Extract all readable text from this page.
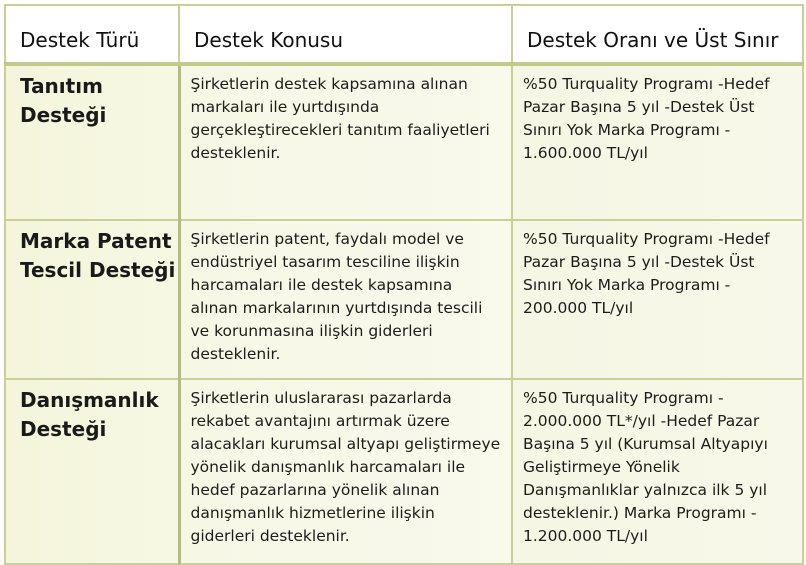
Destek Türü	Destek Konusu	Destek Oranı ve Üst Sınır
Tanıtım Desteği	Şirketlerin destek kapsamına alınan markaları ile yurtdışında gerçekleştirecekleri tanıtım faaliyetleri desteklenir.	%50 Turquality Programı -Hedef Pazar Başına 5 yıl -Destek Üst Sınırı Yok Marka Programı - 1.600.000 TL/yıl
Marka Patent Tescil Desteği	Şirketlerin patent, faydalı model ve endüstriyel tasarım tesciline ilişkin harcamaları ile destek kapsamına alınan markalarının yurtdışında tescili ve korunmasına ilişkin giderleri desteklenir.	%50 Turquality Programı -Hedef Pazar Başına 5 yıl -Destek Üst Sınırı Yok Marka Programı - 200.000 TL/yıl
Danışmanlık Desteği	Şirketlerin uluslararası pazarlarda rekabet avantajını artırmak üzere alacakları kurumsal altyapı geliştirmeye yönelik danışmanlık harcamaları ile hedef pazarlarına yönelik alınan danışmanlık hizmetlerine ilişkin giderleri desteklenir.	%50 Turquality Programı - 2.000.000 TL*/yıl -Hedef Pazar Başına 5 yıl (Kurumsal Altyapıyı Geliştirmeye Yönelik Danışmanlıklar yalnızca ilk 5 yıl desteklenir.) Marka Programı - 1.200.000 TL/yıl
